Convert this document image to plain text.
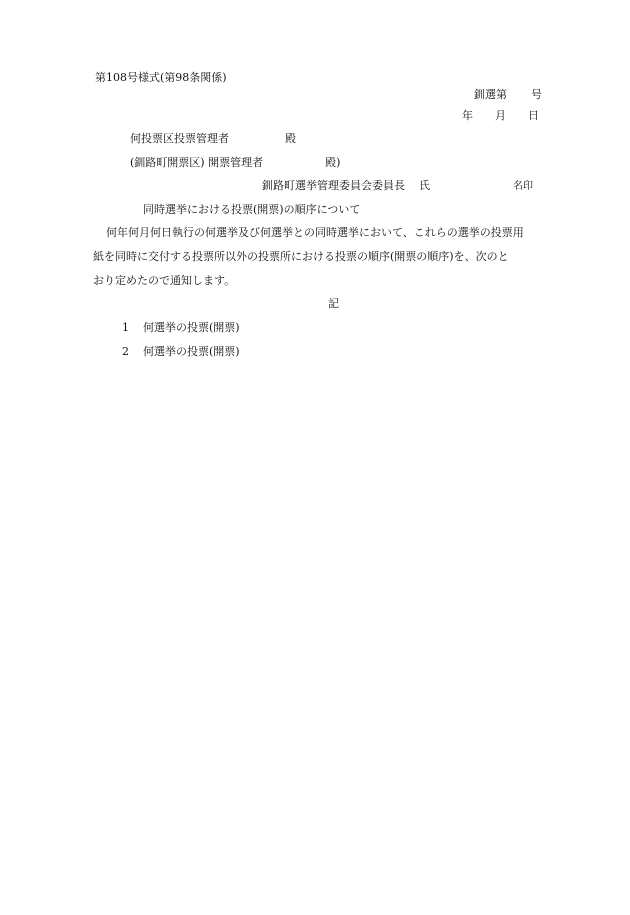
第108号様式(第98条関係)
釧選第 号
年 月 日
何投票区投票管理者	殿
(釧路町開票区) 開票管理者	殿)
釧路町選挙管理委員会委員長 氏	名印
同時選挙における投票(開票)の順序について
何年何月何日執行の何選挙及び何選挙との同時選挙において、これらの選挙の投票用
紙を同時に交付する投票所以外の投票所における投票の順序(開票の順序)を、次のと
おり定めたので通知します。
記
1 何選挙の投票(開票)
2 何選挙の投票(開票)
